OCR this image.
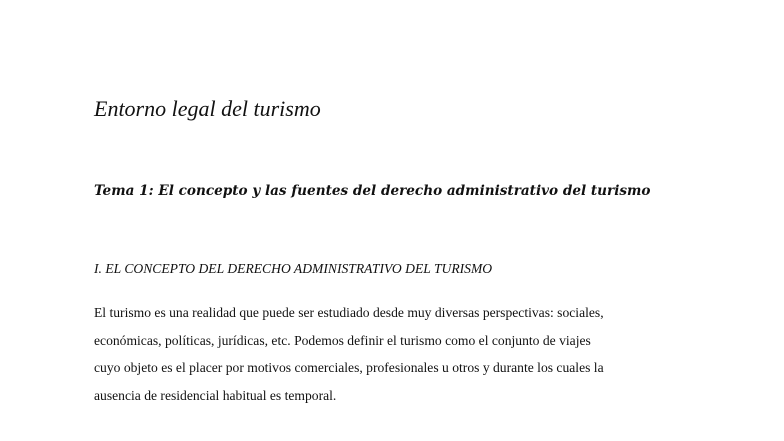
Entorno legal del turismo
Tema 1: El concepto y las fuentes del derecho administrativo del turismo
I. EL CONCEPTO DEL DERECHO ADMINISTRATIVO DEL TURISMO

El turismo es una realidad que puede ser estudiado desde muy diversas perspectivas: sociales,
económicas, políticas, jurídicas, etc. Podemos definir el turismo como el conjunto de viajes
cuyo objeto es el placer por motivos comerciales, profesionales u otros y durante los cuales la
ausencia de residencial habitual es temporal.
